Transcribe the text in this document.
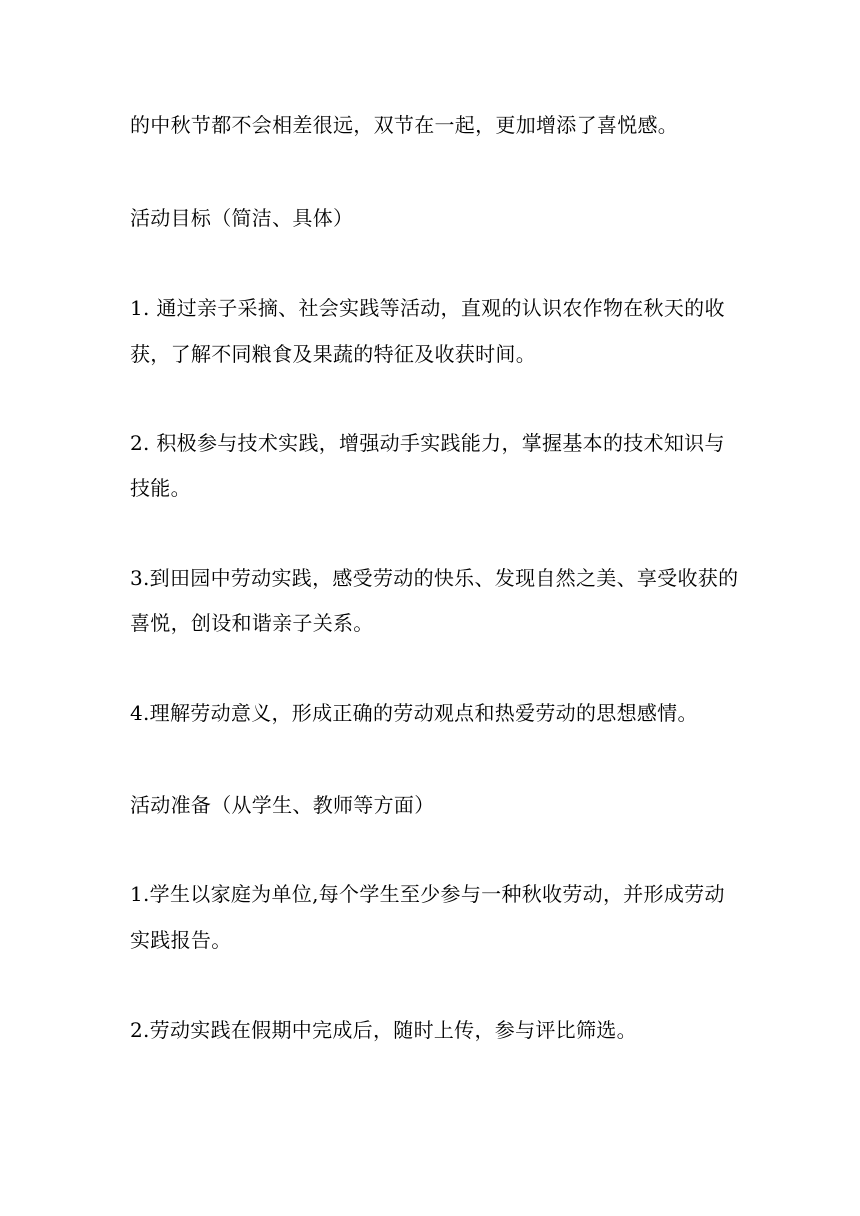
的中秋节都不会相差很远，双节在一起，更加增添了喜悦感。
活动目标（简洁、具体）
1. 通过亲子采摘、社会实践等活动，直观的认识农作物在秋天的收
获，了解不同粮食及果蔬的特征及收获时间。
2. 积极参与技术实践，增强动手实践能力，掌握基本的技术知识与
技能。
3.到田园中劳动实践，感受劳动的快乐、发现自然之美、享受收获的
喜悦，创设和谐亲子关系。
4.理解劳动意义，形成正确的劳动观点和热爱劳动的思想感情。
活动准备（从学生、教师等方面）
1.学生以家庭为单位,每个学生至少参与一种秋收劳动，并形成劳动
实践报告。
2.劳动实践在假期中完成后，随时上传，参与评比筛选。
